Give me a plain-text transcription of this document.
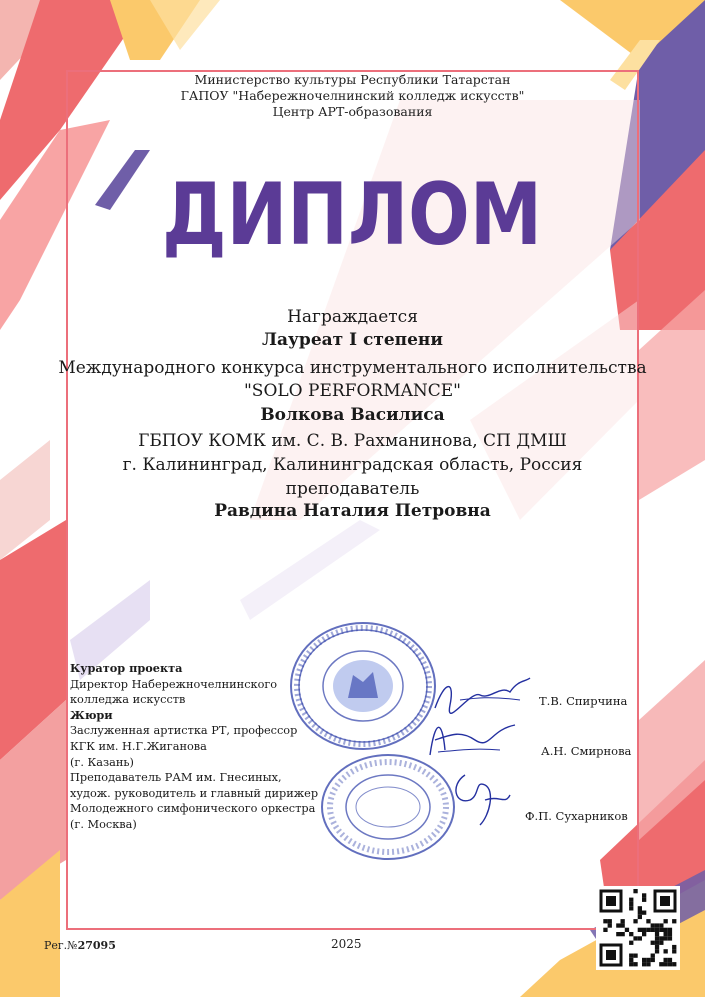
Министерство культуры Республики Татарстан
ГАПОУ "Набережночелнинский колледж искусств"
Центр АРТ-образования
ДИПЛОМ
Награждается
Лауреат I степени
Международного конкурса инструментального исполнительства
"SOLO PERFORMANCE"
Волкова Василиса
ГБПОУ КОМК им. С. В. Рахманинова, СП ДМШ
г. Калининград, Калининградская область, Россия
преподаватель
Равдина Наталия Петровна
Куратор проекта
Директор Набережночелнинского
колледжа искусств
Жюри
Заслуженная артистка РТ, профессор
КГК им. Н.Г.Жиганова
(г. Казань)
Преподаватель РАМ им. Гнесиных,
худож. руководитель и главный дирижер
Молодежного симфонического оркестра
(г. Москва)
Т.В. Спирчина
А.Н. Смирнова
Ф.П. Сухарников
Рег.№27095	2025
